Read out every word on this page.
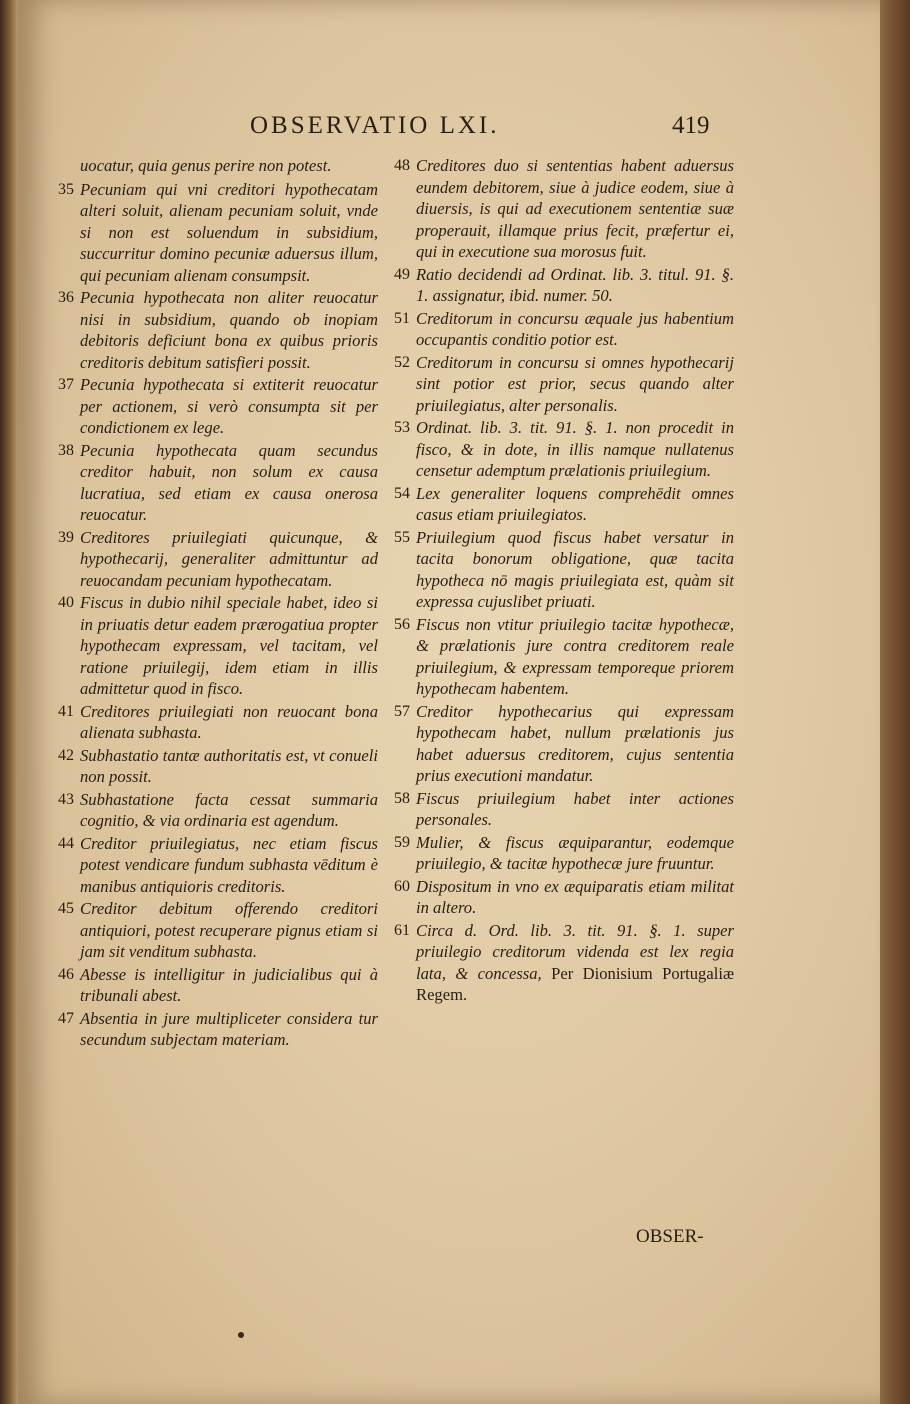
OBSERVATIO LXI.	419

uocatur, quia genus perire non potest.

35 Pecuniam qui vni creditori hypothecatam alteri soluit, alienam pecuniam soluit, vnde si non est soluendum in subsidium, succurritur domino pecuniæ aduersus illum, qui pecuniam alienam consumpsit.

36 Pecunia hypothecata non aliter reuocatur nisi in subsidium, quando ob inopiam debitoris deficiunt bona ex quibus prioris creditoris debitum satisfieri possit.

37 Pecunia hypothecata si extiterit reuocatur per actionem, si verò consumpta sit per condictionem ex lege.

38 Pecunia hypothecata quam secundus creditor habuit, non solum ex causa lucratiua, sed etiam ex causa onerosa reuocatur.

39 Creditores priuilegiati quicunque, & hypothecarij, generaliter admittuntur ad reuocandam pecuniam hypothecatam.

40 Fiscus in dubio nihil speciale habet, ideo si in priuatis detur eadem prærogatiua propter hypothecam expressam, vel tacitam, vel ratione priuilegij, idem etiam in illis admittetur quod in fisco.

41 Creditores priuilegiati non reuocant bona alienata subhasta.

42 Subhastatio tantæ authoritatis est, vt conueli non possit.

43 Subhastatione facta cessat summaria cognitio, & via ordinaria est agendum.

44 Creditor priuilegiatus, nec etiam fiscus potest vendicare fundum subhasta vēditum è manibus antiquioris creditoris.

45 Creditor debitum offerendo creditori antiquiori, potest recuperare pignus etiam si jam sit venditum subhasta.

46 Abesse is intelligitur in judicialibus qui à tribunali abest.

47 Absentia in jure multipliceter considera tur secundum subjectam materiam.

48 Creditores duo si sententias habent aduersus eundem debitorem, siue à judice eodem, siue à diuersis, is qui ad executionem sententiæ suæ properauit, illamque prius fecit, præfertur ei, qui in executione sua morosus fuit.

49 Ratio decidendi ad Ordinat. lib. 3. titul. 91. §. 1. assignatur, ibid. numer. 50.

51 Creditorum in concursu æquale jus habentium occupantis conditio potior est.

52 Creditorum in concursu si omnes hypothecarij sint potior est prior, secus quando alter priuilegiatus, alter personalis.

53 Ordinat. lib. 3. tit. 91. §. 1. non procedit in fisco, & in dote, in illis namque nullatenus censetur ademptum prælationis priuilegium.

54 Lex generaliter loquens comprehēdit omnes casus etiam priuilegiatos.

55 Priuilegium quod fiscus habet versatur in tacita bonorum obligatione, quæ tacita hypotheca nō magis priuilegiata est, quàm sit expressa cujuslibet priuati.

56 Fiscus non vtitur priuilegio tacitæ hypothecæ, & prælationis jure contra creditorem reale priuilegium, & expressam temporeque priorem hypothecam habentem.

57 Creditor hypothecarius qui expressam hypothecam habet, nullum prælationis jus habet aduersus creditorem, cujus sententia prius executioni mandatur.

58 Fiscus priuilegium habet inter actiones personales.

59 Mulier, & fiscus æquiparantur, eodemque priuilegio, & tacitæ hypothecæ jure fruuntur.

60 Dispositum in vno ex æquiparatis etiam militat in altero.

61 Circa d. Ord. lib. 3. tit. 91. §. 1. super priuilegio creditorum videnda est lex regia lata, & concessa, Per Dionisium Portugaliæ Regem.

OBSER-
